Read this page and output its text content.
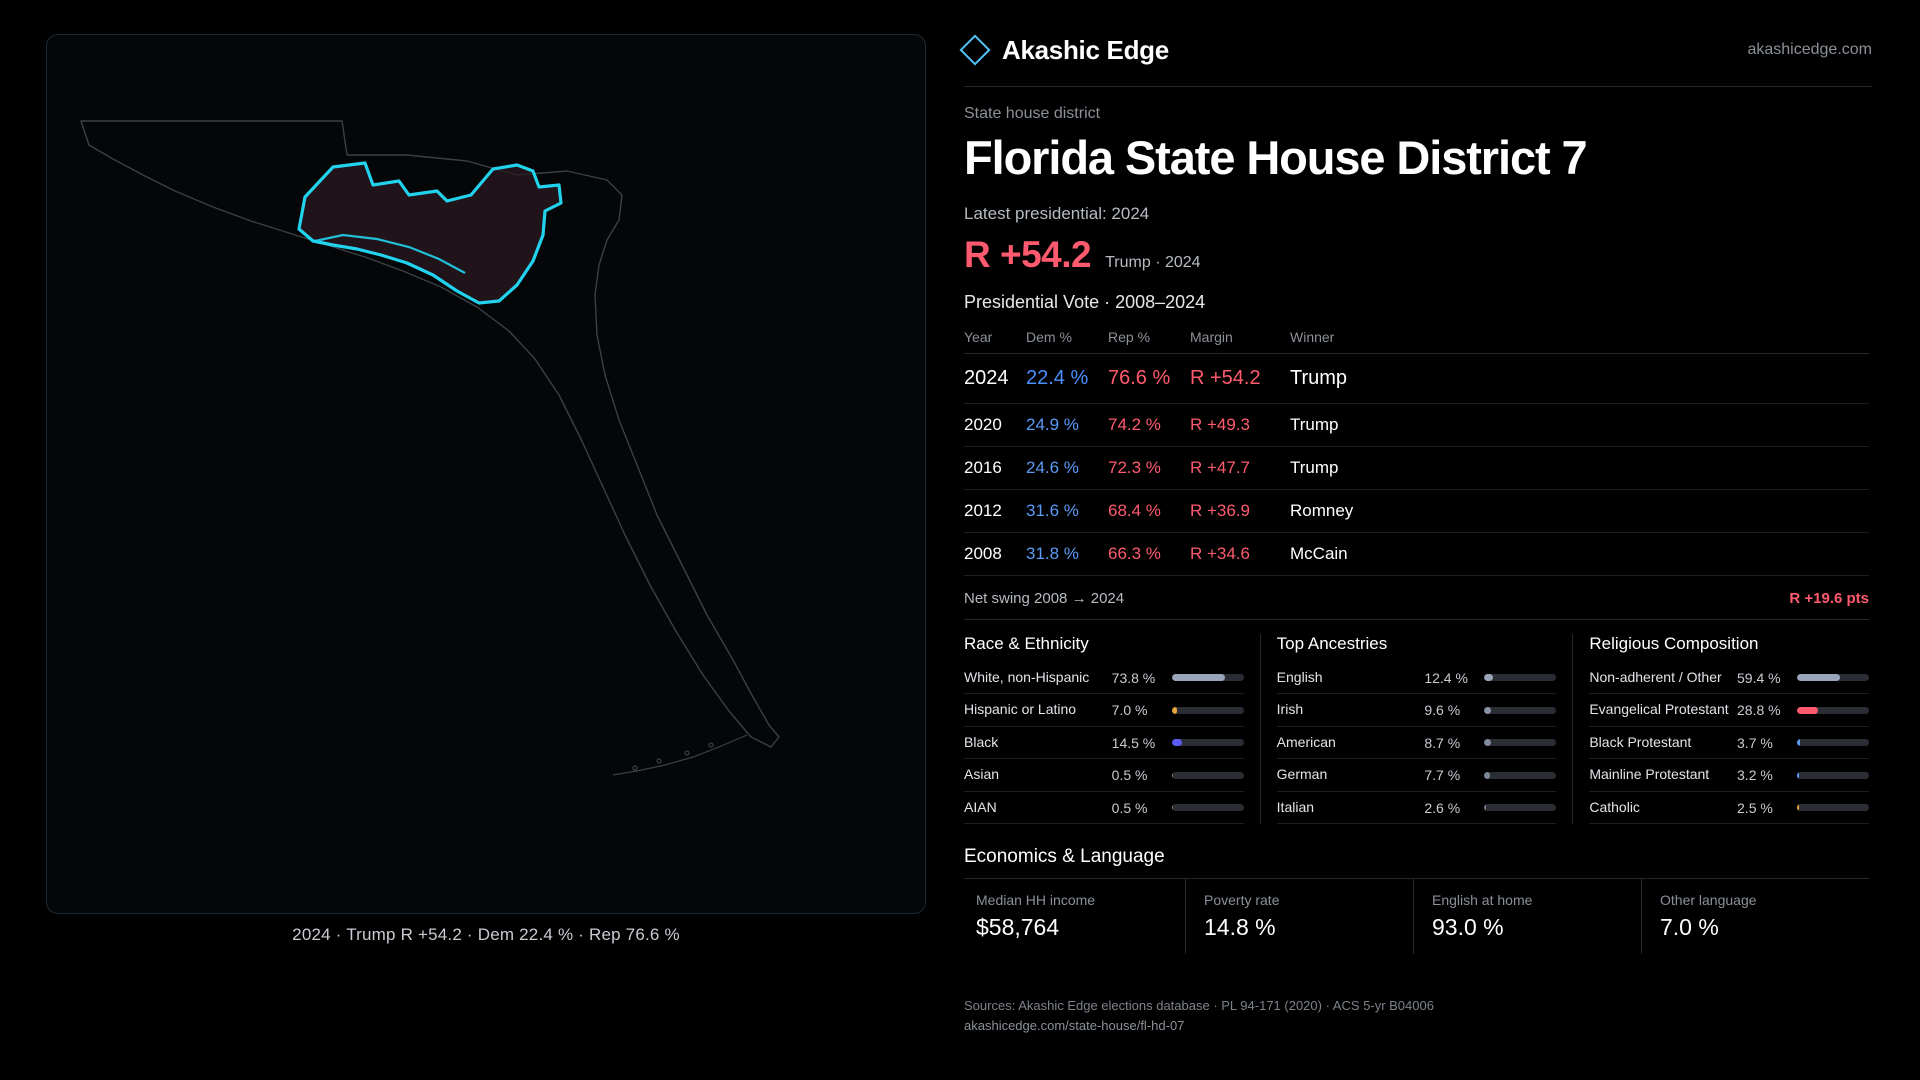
2024 · Trump R +54.2 · Dem 22.4 % · Rep 76.6 %
Akashic Edge	akashicedge.com
State house district
Florida State House District 7
Latest presidential: 2024
R +54.2 Trump · 2024
Presidential Vote · 2008–2024
Year	Dem %	Rep %	Margin	Winner
2024	22.4 %	76.6 %	R +54.2	Trump
2020	24.9 %	74.2 %	R +49.3	Trump
2016	24.6 %	72.3 %	R +47.7	Trump
2012	31.6 %	68.4 %	R +36.9	Romney
2008	31.8 %	66.3 %	R +34.6	McCain
Net swing 2008 → 2024	R +19.6 pts
Race & Ethnicity
White, non-Hispanic	73.8 %
Hispanic or Latino	7.0 %
Black	14.5 %
Asian	0.5 %
AIAN	0.5 %
Top Ancestries
English	12.4 %
Irish	9.6 %
American	8.7 %
German	7.7 %
Italian	2.6 %
Religious Composition
Non-adherent / Other	59.4 %
Evangelical Protestant 28.8 %
Black Protestant	3.7 %
Mainline Protestant	3.2 %
Catholic	2.5 %
Economics & Language
Median HH income
$58,764
Poverty rate
14.8 %
English at home
93.0 %
Other language
7.0 %
Sources: Akashic Edge elections database · PL 94-171 (2020) · ACS 5-yr B04006
akashicedge.com/state-house/fl-hd-07
